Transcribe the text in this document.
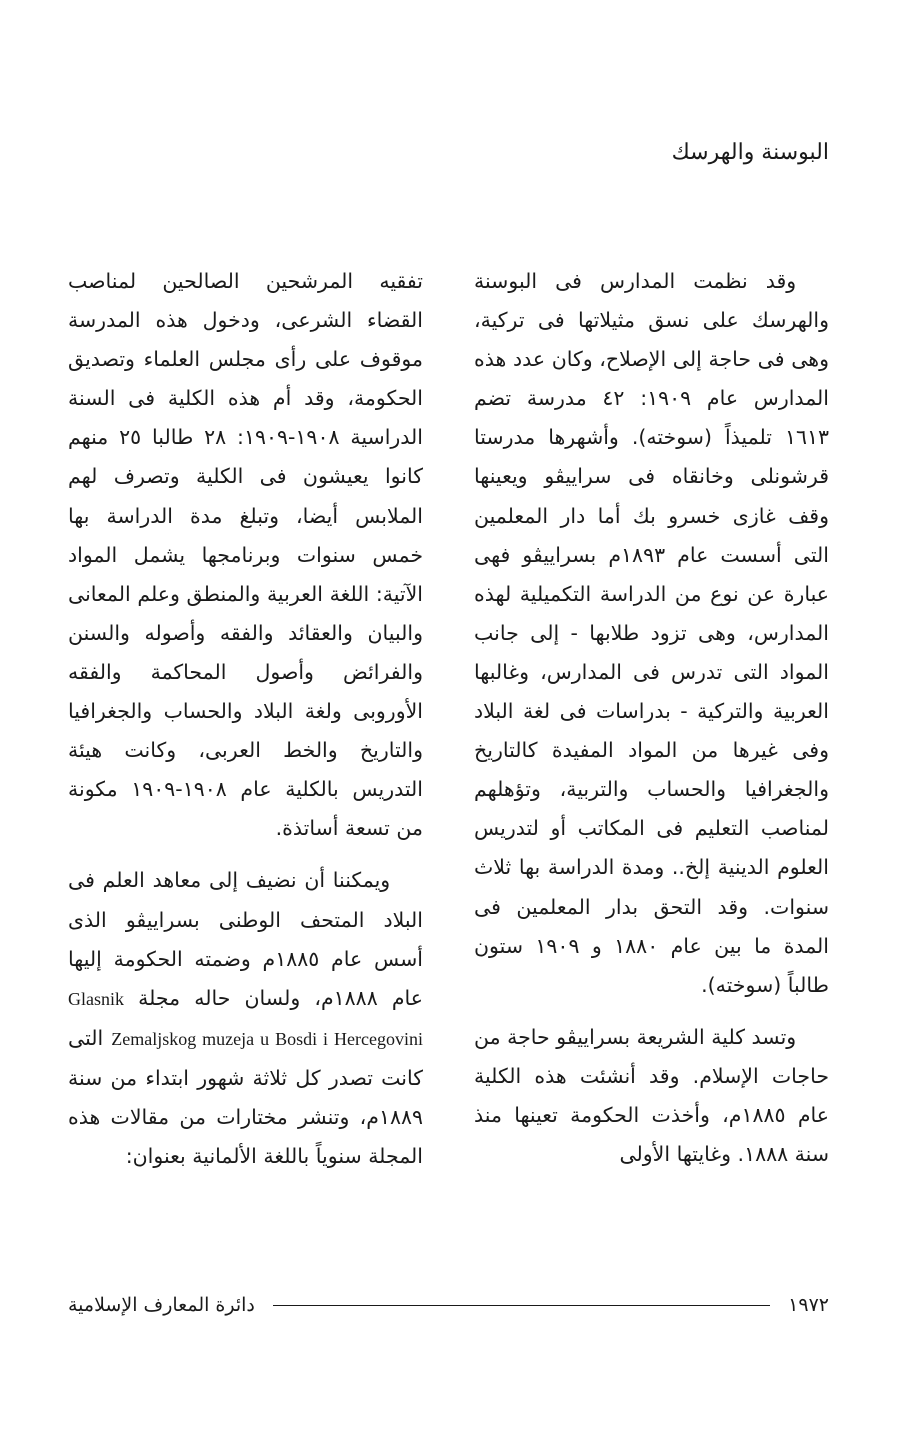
البوسنة والهرسك

وقد نظمت المدارس فى البوسنة والهرسك على نسق مثيلاتها فى تركية، وهى فى حاجة إلى الإصلاح، وكان عدد هذه المدارس عام ١٩٠٩: ٤٢ مدرسة تضم ١٦١٣ تلميذاً (سوخته). وأشهرها مدرستا قرشونلى وخانقاه فى سراييڤو ويعينها وقف غازى خسرو بك أما دار المعلمين التى أسست عام ١٨٩٣م بسراييڤو فهى عبارة عن نوع من الدراسة التكميلية لهذه المدارس، وهى تزود طلابها - إلى جانب المواد التى تدرس فى المدارس، وغالبها العربية والتركية - بدراسات فى لغة البلاد وفى غيرها من المواد المفيدة كالتاريخ والجغرافيا والحساب والتربية، وتؤهلهم لمناصب التعليم فى المكاتب أو لتدريس العلوم الدينية إلخ.. ومدة الدراسة بها ثلاث سنوات. وقد التحق بدار المعلمين فى المدة ما بين عام ١٨٨٠ و ١٩٠٩ ستون طالباً (سوخته).

وتسد كلية الشريعة بسراييڤو حاجة من حاجات الإسلام. وقد أنشئت هذه الكلية عام ١٨٨٥م، وأخذت الحكومة تعينها منذ سنة ١٨٨٨. وغايتها الأولى

تفقيه المرشحين الصالحين لمناصب القضاء الشرعى، ودخول هذه المدرسة موقوف على رأى مجلس العلماء وتصديق الحكومة، وقد أم هذه الكلية فى السنة الدراسية ١٩٠٨-١٩٠٩: ٢٨ طالبا ٢٥ منهم كانوا يعيشون فى الكلية وتصرف لهم الملابس أيضا، وتبلغ مدة الدراسة بها خمس سنوات وبرنامجها يشمل المواد الآتية: اللغة العربية والمنطق وعلم المعانى والبيان والعقائد والفقه وأصوله والسنن والفرائض وأصول المحاكمة والفقه الأوروبى ولغة البلاد والحساب والجغرافيا والتاريخ والخط العربى، وكانت هيئة التدريس بالكلية عام ١٩٠٨-١٩٠٩ مكونة من تسعة أساتذة.

ويمكننا أن نضيف إلى معاهد العلم فى البلاد المتحف الوطنى بسراييڤو الذى أسس عام ١٨٨٥م وضمته الحكومة إليها عام ١٨٨٨م، ولسان حاله مجلة Glasnik Zemaljskog muzeja u Bosdi i Hercegovini التى كانت تصدر كل ثلاثة شهور ابتداء من سنة ١٨٨٩م، وتنشر مختارات من مقالات هذه المجلة سنوياً باللغة الألمانية بعنوان:

١٩٧٢
دائرة المعارف الإسلامية
